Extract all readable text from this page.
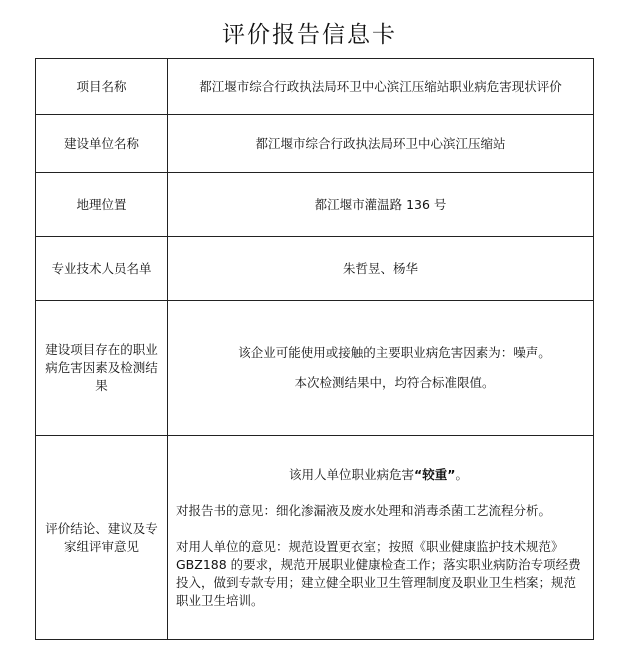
评价报告信息卡
项目名称	都江堰市综合行政执法局环卫中心滨江压缩站职业病危害现状评价
建设单位名称	都江堰市综合行政执法局环卫中心滨江压缩站
地理位置	都江堰市灌温路 136 号
专业技术人员名单	朱哲昱、杨华
建设项目存在的职业病危害因素及检测结果	该企业可能使用或接触的主要职业病危害因素为：噪声。

本次检测结果中，均符合标准限值。

评价结论、建议及专家组评审意见	该用人单位职业病危害“较重”。

对报告书的意见：细化渗漏液及废水处理和消毒杀菌工艺流程分析。

对用人单位的意见：规范设置更衣室；按照《职业健康监护技术规范》GBZ188 的要求，规范开展职业健康检查工作；落实职业病防治专项经费投入，做到专款专用；建立健全职业卫生管理制度及职业卫生档案；规范职业卫生培训。
